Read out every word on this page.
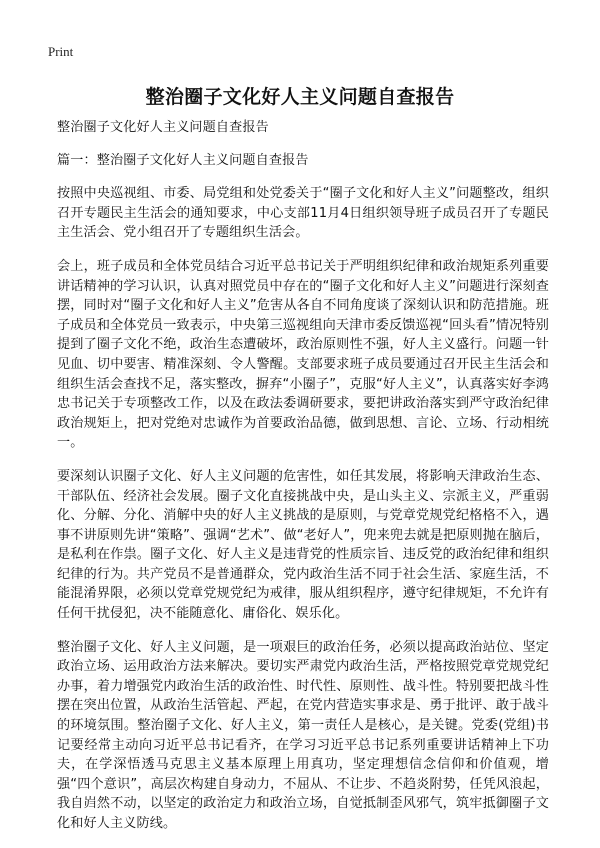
Print
整治圈子文化好人主义问题自查报告

整治圈子文化好人主义问题自查报告

篇一：整治圈子文化好人主义问题自查报告

按照中央巡视组、市委、局党组和处党委关于“圈子文化和好人主义”问题整改，组织召开专题民主生活会的通知要求，中心支部11月4日组织领导班子成员召开了专题民主生活会、党小组召开了专题组织生活会。

会上，班子成员和全体党员结合习近平总书记关于严明组织纪律和政治规矩系列重要讲话精神的学习认识，认真对照党员中存在的“圈子文化和好人主义”问题进行深刻查摆，同时对“圈子文化和好人主义”危害从各自不同角度谈了深刻认识和防范措施。班子成员和全体党员一致表示，中央第三巡视组向天津市委反馈巡视“回头看”情况特别提到了圈子文化不绝，政治生态遭破坏，政治原则性不强，好人主义盛行。问题一针见血、切中要害、精准深刻、令人警醒。支部要求班子成员要通过召开民主生活会和组织生活会查找不足，落实整改，摒弃“小圈子”，克服“好人主义”，认真落实好李鸿忠书记关于专项整改工作，以及在政法委调研要求，要把讲政治落实到严守政治纪律政治规矩上，把对党绝对忠诚作为首要政治品德，做到思想、言论、立场、行动相统一。

要深刻认识圈子文化、好人主义问题的危害性，如任其发展，将影响天津政治生态、干部队伍、经济社会发展。圈子文化直接挑战中央，是山头主义、宗派主义，严重弱化、分解、分化、消解中央的好人主义挑战的是原则，与党章党规党纪格格不入，遇事不讲原则先讲“策略”、强调“艺术”、做“老好人”，兜来兜去就是把原则抛在脑后，是私利在作祟。圈子文化、好人主义是违背党的性质宗旨、违反党的政治纪律和组织纪律的行为。共产党员不是普通群众，党内政治生活不同于社会生活、家庭生活，不能混淆界限，必须以党章党规党纪为戒律，服从组织程序，遵守纪律规矩，不允许有任何干扰侵犯，决不能随意化、庸俗化、娱乐化。

整治圈子文化、好人主义问题，是一项艰巨的政治任务，必须以提高政治站位、坚定政治立场、运用政治方法来解决。要切实严肃党内政治生活，严格按照党章党规党纪办事，着力增强党内政治生活的政治性、时代性、原则性、战斗性。特别要把战斗性摆在突出位置，从政治生活管起、严起，在党内营造实事求是、勇于批评、敢于战斗的环境氛围。整治圈子文化、好人主义，第一责任人是核心，是关键。党委(党组)书记要经常主动向习近平总书记看齐，在学习习近平总书记系列重要讲话精神上下功夫，在学深悟透马克思主义基本原理上用真功，坚定理想信念信仰和价值观，增强“四个意识”，高层次构建自身动力，不屈从、不让步、不趋炎附势，任凭风浪起，我自岿然不动，以坚定的政治定力和政治立场，自觉抵制歪风邪气，筑牢抵御圈子文化和好人主义防线。
